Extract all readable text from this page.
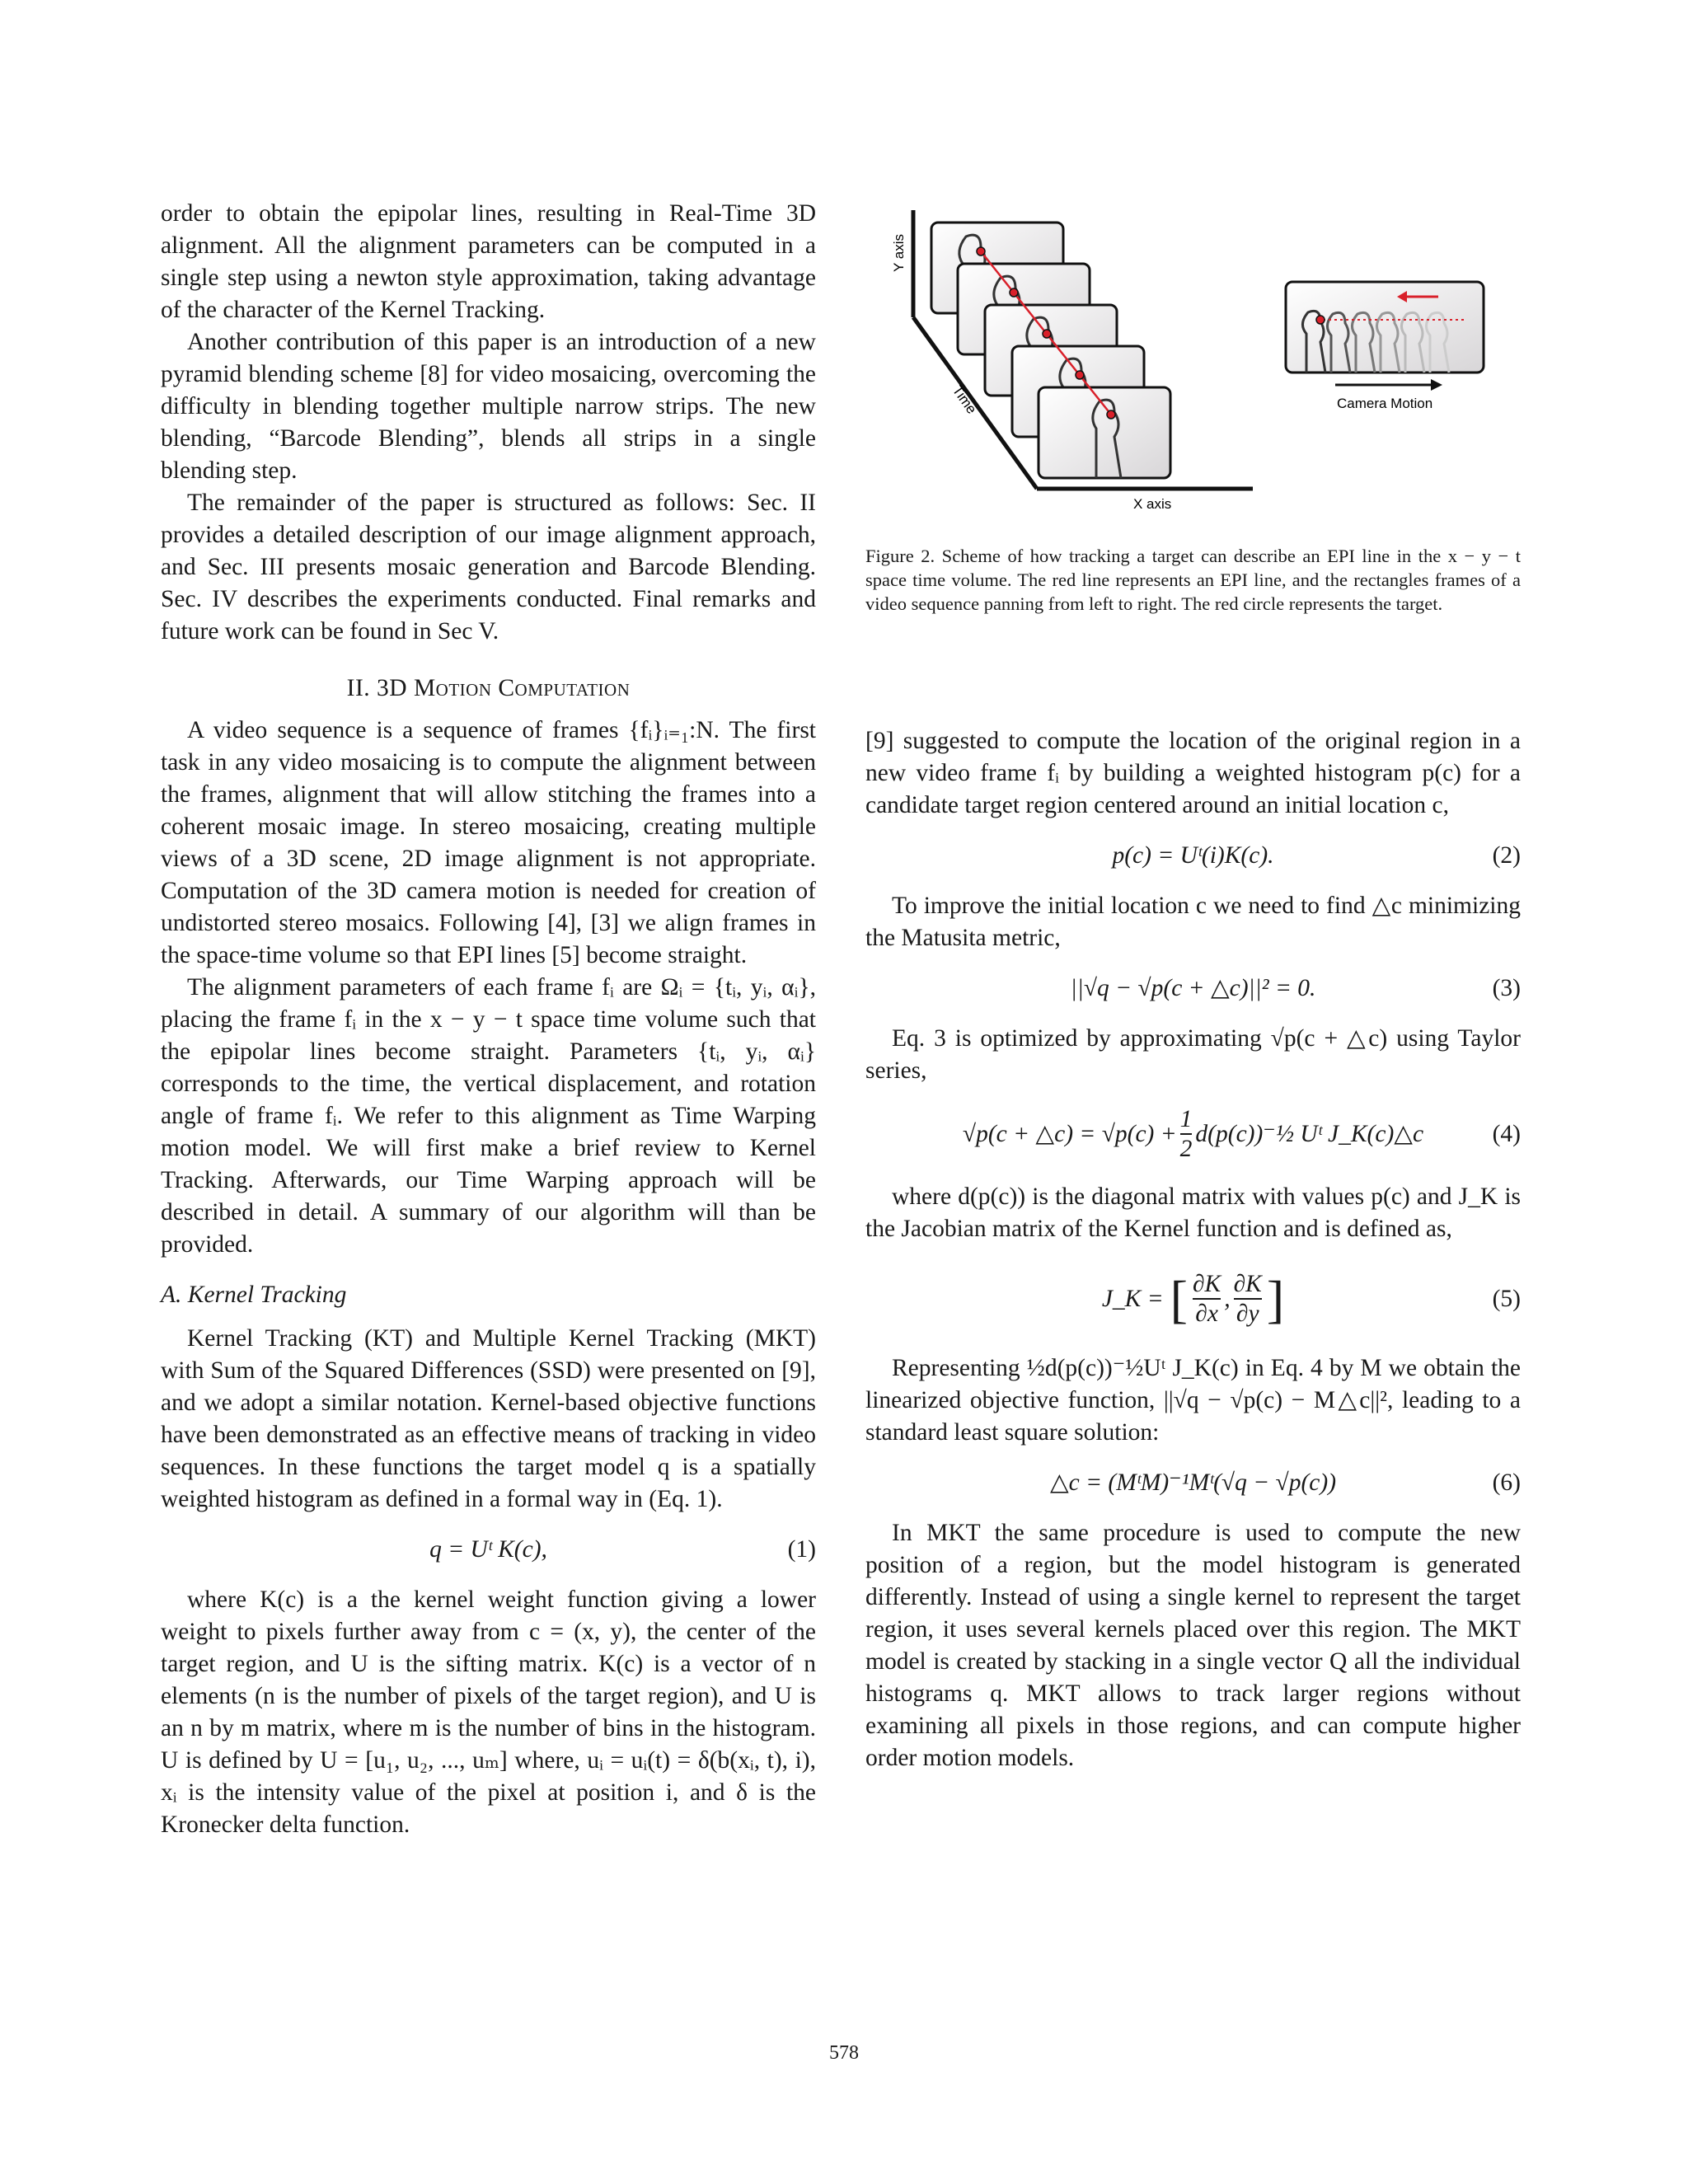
order to obtain the epipolar lines, resulting in Real-Time 3D alignment. All the alignment parameters can be computed in a single step using a newton style approximation, taking advantage of the character of the Kernel Tracking.

Another contribution of this paper is an introduction of a new pyramid blending scheme [8] for video mosaicing, overcoming the difficulty in blending together multiple narrow strips. The new blending, “Barcode Blending”, blends all strips in a single blending step.

The remainder of the paper is structured as follows: Sec. II provides a detailed description of our image alignment approach, and Sec. III presents mosaic generation and Barcode Blending. Sec. IV describes the experiments conducted. Final remarks and future work can be found in Sec V.

II. 3D Motion Computation

A video sequence is a sequence of frames {fᵢ}ᵢ₌₁:N. The first task in any video mosaicing is to compute the alignment between the frames, alignment that will allow stitching the frames into a coherent mosaic image. In stereo mosaicing, creating multiple views of a 3D scene, 2D image alignment is not appropriate. Computation of the 3D camera motion is needed for creation of undistorted stereo mosaics. Following [4], [3] we align frames in the space-time volume so that EPI lines [5] become straight.

The alignment parameters of each frame fᵢ are Ωᵢ = {tᵢ, yᵢ, αᵢ}, placing the frame fᵢ in the x − y − t space time volume such that the epipolar lines become straight. Parameters {tᵢ, yᵢ, αᵢ} corresponds to the time, the vertical displacement, and rotation angle of frame fᵢ. We refer to this alignment as Time Warping motion model. We will first make a brief review to Kernel Tracking. Afterwards, our Time Warping approach will be described in detail. A summary of our algorithm will than be provided.

A. Kernel Tracking

Kernel Tracking (KT) and Multiple Kernel Tracking (MKT) with Sum of the Squared Differences (SSD) were presented on [9], and we adopt a similar notation. Kernel-based objective functions have been demonstrated as an effective means of tracking in video sequences. In these functions the target model q is a spatially weighted histogram as defined in a formal way in (Eq. 1).

q = Uᵗ K(c),	(1)

where K(c) is a the kernel weight function giving a lower weight to pixels further away from c = (x, y), the center of the target region, and U is the sifting matrix. K(c) is a vector of n elements (n is the number of pixels of the target region), and U is an n by m matrix, where m is the number of bins in the histogram. U is defined by U = [u₁, u₂, ..., uₘ] where, uᵢ = uᵢ(t) = δ(b(xᵢ, t), i), xᵢ is the intensity value of the pixel at position i, and δ is the Kronecker delta function.

Y axis
Time
X axis
Camera Motion
Figure 2. Scheme of how tracking a target can describe an EPI line in the x − y − t space time volume. The red line represents an EPI line, and the rectangles frames of a video sequence panning from left to right. The red circle represents the target.

[9] suggested to compute the location of the original region in a new video frame fᵢ by building a weighted histogram p(c) for a candidate target region centered around an initial location c,

p(c) = Uᵗ(i)K(c).	(2)

To improve the initial location c we need to find △c minimizing the Matusita metric,

||√q − √p(c + △c)||² = 0.	(3)

Eq. 3 is optimized by approximating √p(c + △c) using Taylor series,

√p(c + △c) = $√p(c) + \frac{1}{2}$ d(p(c))⁻½ Uᵗ J_K(c)△c	(4)

where d(p(c)) is the diagonal matrix with values p(c) and J_K is the Jacobian matrix of the Kernel function and is defined as,

J_K = [ $\frac{\partial K}{\partial x}$ , $\frac{\partial K}{\partial y}$ ]	(5)

Representing ½d(p(c))⁻½Uᵗ J_K(c) in Eq. 4 by M we obtain the linearized objective function, ||√q − √p(c) − M△c||², leading to a standard least square solution:

△c = (MᵗM)⁻¹Mᵗ(√q − √p(c))	(6)

In MKT the same procedure is used to compute the new position of a region, but the model histogram is generated differently. Instead of using a single kernel to represent the target region, it uses several kernels placed over this region. The MKT model is created by stacking in a single vector Q all the individual histograms q. MKT allows to track larger regions without examining all pixels in those regions, and can compute higher order motion models.

578
